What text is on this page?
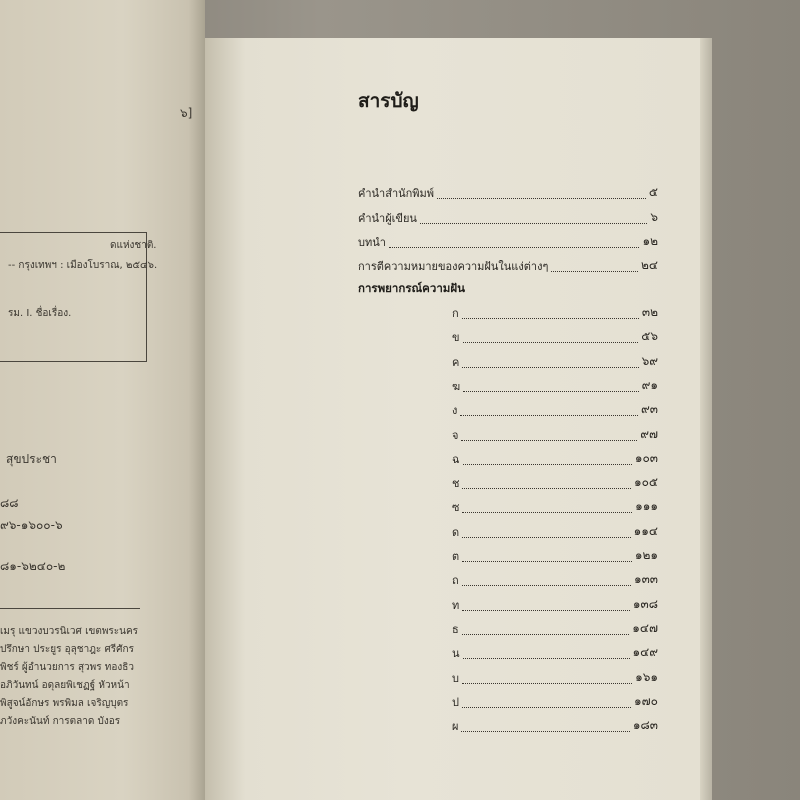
๖]
ดแห่งชาติ.
-- กรุงเทพฯ : เมืองโบราณ, ๒๕๔๖.
รม. I. ชื่อเรื่อง.
สุขประชา
๘๘
๙๖-๑๖๐๐-๖
๘๑-๖๒๔๐-๒
เมรุ แขวงบวรนิเวศ เขตพระนคร
ปรึกษา ประยูร อุลุชาฎะ ศรีศักร
พิชร์ ผู้อำนวยการ สุวพร ทองธิว
อภิวันทน์ อดุลยพิเชฏฐ์ หัวหน้า
พิสูจน์อักษร พรพิมล เจริญบุตร
ภวังคะนันท์ การตลาด บังอร
สารบัญ
คำนำสำนักพิมพ์	๕
คำนำผู้เขียน	๖
บทนำ	๑๒
การตีความหมายของความฝันในแง่ต่างๆ	๒๔
การพยากรณ์ความฝัน
ก	๓๒
ข	๕๖
ค	๖๙
ฆ	๙๑
ง	๙๓
จ	๙๗
ฉ	๑๐๓
ช	๑๐๕
ซ	๑๑๑
ด	๑๑๔
ต	๑๒๑
ถ	๑๓๓
ท	๑๓๘
ธ	๑๔๗
น	๑๔๙
บ	๑๖๑
ป	๑๗๐
ผ	๑๘๓
